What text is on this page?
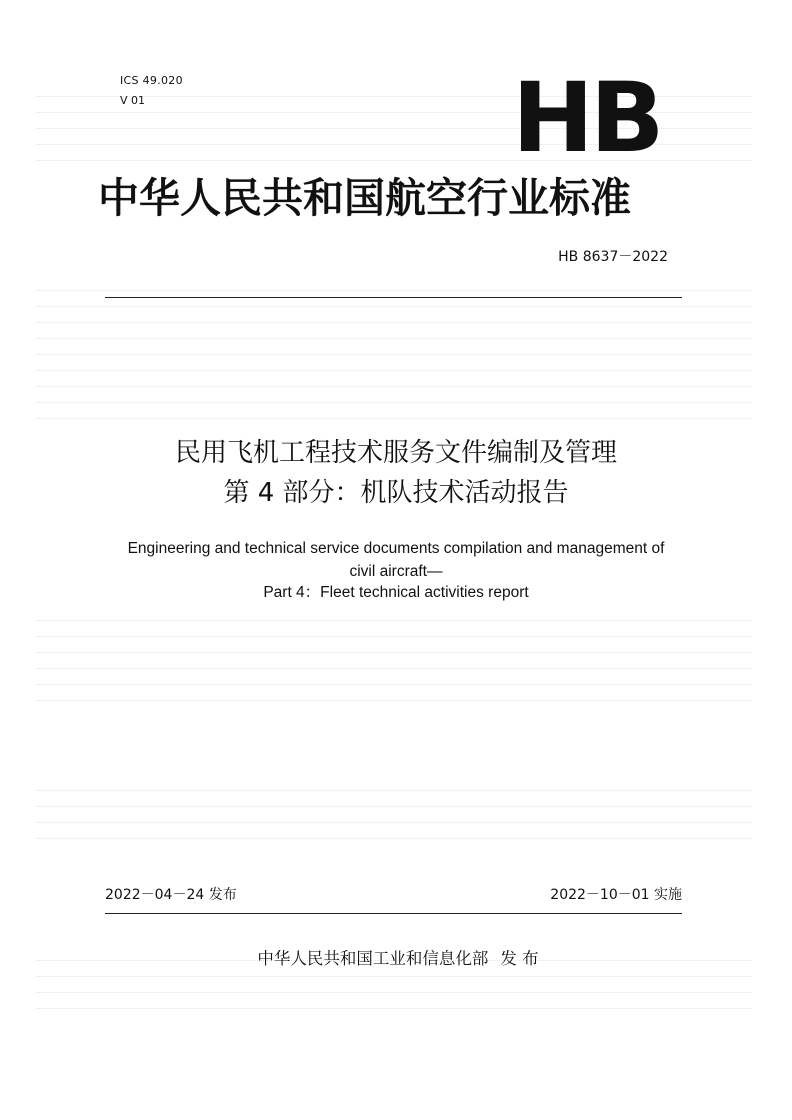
ICS 49.020
V 01	HB
中华人民共和国航空行业标准
HB 8637－2022
民用飞机工程技术服务文件编制及管理
第 4 部分：机队技术活动报告
Engineering and technical service documents compilation and management of
civil aircraft—
Part 4：Fleet technical activities report
2022－04－24 发布	2022－10－01 实施
中华人民共和国工业和信息化部 发 布
